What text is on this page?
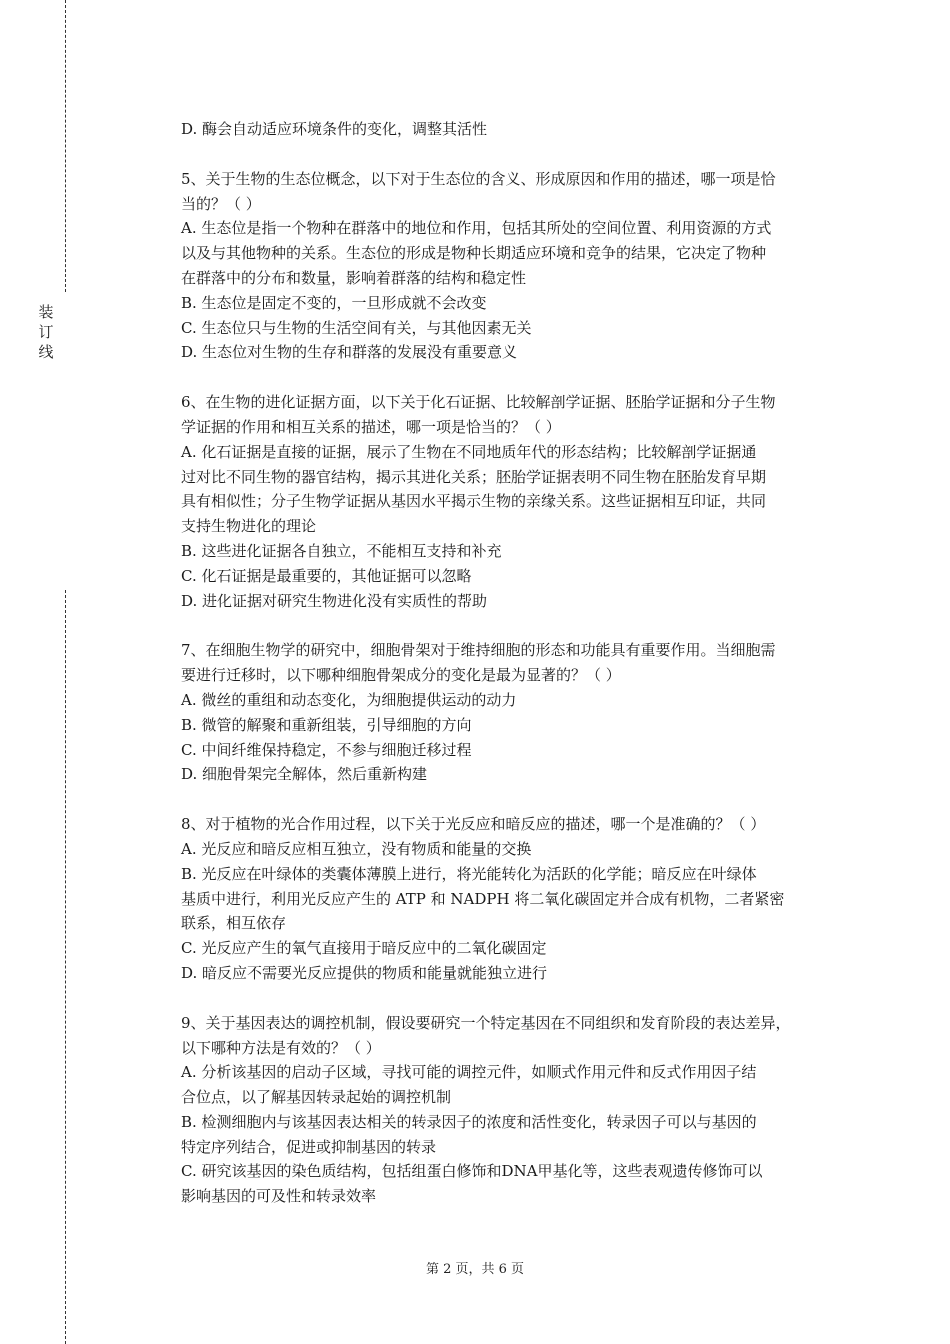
装
订
线
D. 酶会自动适应环境条件的变化，调整其活性
5、关于生物的生态位概念，以下对于生态位的含义、形成原因和作用的描述，哪一项是恰
当的？（ ）
A. 生态位是指一个物种在群落中的地位和作用，包括其所处的空间位置、利用资源的方式
以及与其他物种的关系。生态位的形成是物种长期适应环境和竞争的结果，它决定了物种
在群落中的分布和数量，影响着群落的结构和稳定性
B. 生态位是固定不变的，一旦形成就不会改变
C. 生态位只与生物的生活空间有关，与其他因素无关
D. 生态位对生物的生存和群落的发展没有重要意义
6、在生物的进化证据方面，以下关于化石证据、比较解剖学证据、胚胎学证据和分子生物
学证据的作用和相互关系的描述，哪一项是恰当的？（ ）
A. 化石证据是直接的证据，展示了生物在不同地质年代的形态结构；比较解剖学证据通
过对比不同生物的器官结构，揭示其进化关系；胚胎学证据表明不同生物在胚胎发育早期
具有相似性；分子生物学证据从基因水平揭示生物的亲缘关系。这些证据相互印证，共同
支持生物进化的理论
B. 这些进化证据各自独立，不能相互支持和补充
C. 化石证据是最重要的，其他证据可以忽略
D. 进化证据对研究生物进化没有实质性的帮助
7、在细胞生物学的研究中，细胞骨架对于维持细胞的形态和功能具有重要作用。当细胞需
要进行迁移时，以下哪种细胞骨架成分的变化是最为显著的？（ ）
A. 微丝的重组和动态变化，为细胞提供运动的动力
B. 微管的解聚和重新组装，引导细胞的方向
C. 中间纤维保持稳定，不参与细胞迁移过程
D. 细胞骨架完全解体，然后重新构建
8、对于植物的光合作用过程，以下关于光反应和暗反应的描述，哪一个是准确的？（ ）
A. 光反应和暗反应相互独立，没有物质和能量的交换
B. 光反应在叶绿体的类囊体薄膜上进行，将光能转化为活跃的化学能；暗反应在叶绿体
基质中进行，利用光反应产生的 ATP 和 NADPH 将二氧化碳固定并合成有机物，二者紧密
联系，相互依存
C. 光反应产生的氧气直接用于暗反应中的二氧化碳固定
D. 暗反应不需要光反应提供的物质和能量就能独立进行
9、关于基因表达的调控机制，假设要研究一个特定基因在不同组织和发育阶段的表达差异，
以下哪种方法是有效的？（ ）
A. 分析该基因的启动子区域，寻找可能的调控元件，如顺式作用元件和反式作用因子结
合位点，以了解基因转录起始的调控机制
B. 检测细胞内与该基因表达相关的转录因子的浓度和活性变化，转录因子可以与基因的
特定序列结合，促进或抑制基因的转录
C. 研究该基因的染色质结构，包括组蛋白修饰和DNA甲基化等，这些表观遗传修饰可以
影响基因的可及性和转录效率
第 2 页，共 6 页
